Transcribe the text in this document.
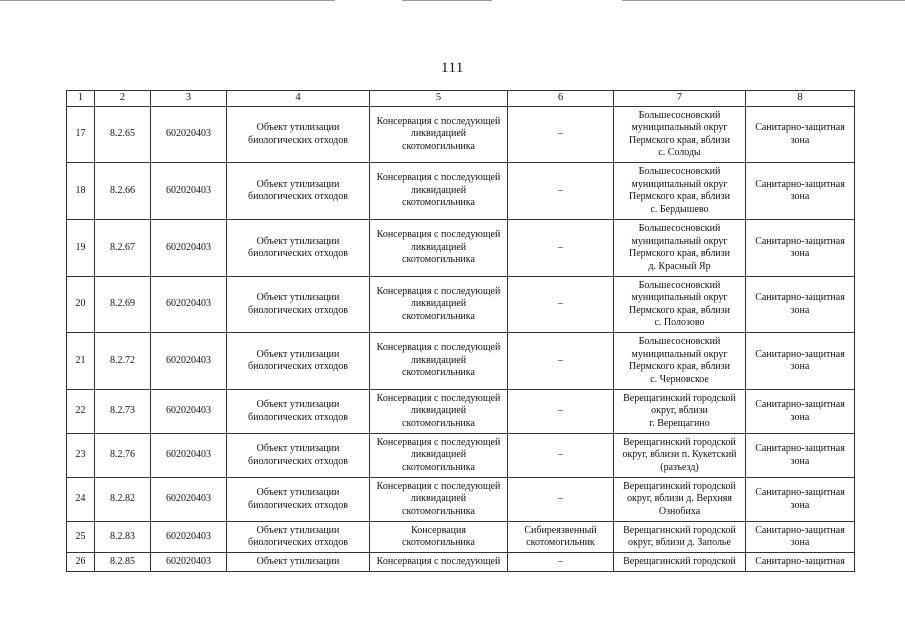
111
1	2	3	4	5	6	7	8
17	8.2.65	602020403	Объект утилизации
биологических отходов	Консервация с последующей
ликвидацией
скотомогильника	–	Большесосновский
муниципальный округ
Пермского края, вблизи
с. Солоды	Санитарно-защитная
зона
18	8.2.66	602020403	Объект утилизации
биологических отходов	Консервация с последующей
ликвидацией
скотомогильника	–	Большесосновский
муниципальный округ
Пермского края, вблизи
с. Бердышево	Санитарно-защитная
зона
19	8.2.67	602020403	Объект утилизации
биологических отходов	Консервация с последующей
ликвидацией
скотомогильника	–	Большесосновский
муниципальный округ
Пермского края, вблизи
д. Красный Яр	Санитарно-защитная
зона
20	8.2.69	602020403	Объект утилизации
биологических отходов	Консервация с последующей
ликвидацией
скотомогильника	–	Большесосновский
муниципальный округ
Пермского края, вблизи
с. Полозово	Санитарно-защитная
зона
21	8.2.72	602020403	Объект утилизации
биологических отходов	Консервация с последующей
ликвидацией
скотомогильника	–	Большесосновский
муниципальный округ
Пермского края, вблизи
с. Черновское	Санитарно-защитная
зона
22	8.2.73	602020403	Объект утилизации
биологических отходов	Консервация с последующей
ликвидацией
скотомогильника	–	Верещагинский городской
округ, вблизи
г. Верещагино	Санитарно-защитная
зона
23	8.2.76	602020403	Объект утилизации
биологических отходов	Консервация с последующей
ликвидацией
скотомогильника	–	Верещагинский городской
округ, вблизи п. Кукетский
(разъезд)	Санитарно-защитная
зона
24	8.2.82	602020403	Объект утилизации
биологических отходов	Консервация с последующей
ликвидацией
скотомогильника	–	Верещагинский городской
округ, вблизи д. Верхняя
Ознобиха	Санитарно-защитная
зона
25	8.2.83	602020403	Объект утилизации
биологических отходов	Консервация
скотомогильника	Сибиреязвенный
скотомогильник	Верещагинский городской
округ, вблизи д. Заполье	Санитарно-защитная
зона
26	8.2.85	602020403	Объект утилизации	Консервация с последующей	–	Верещагинский городской	Санитарно-защитная
